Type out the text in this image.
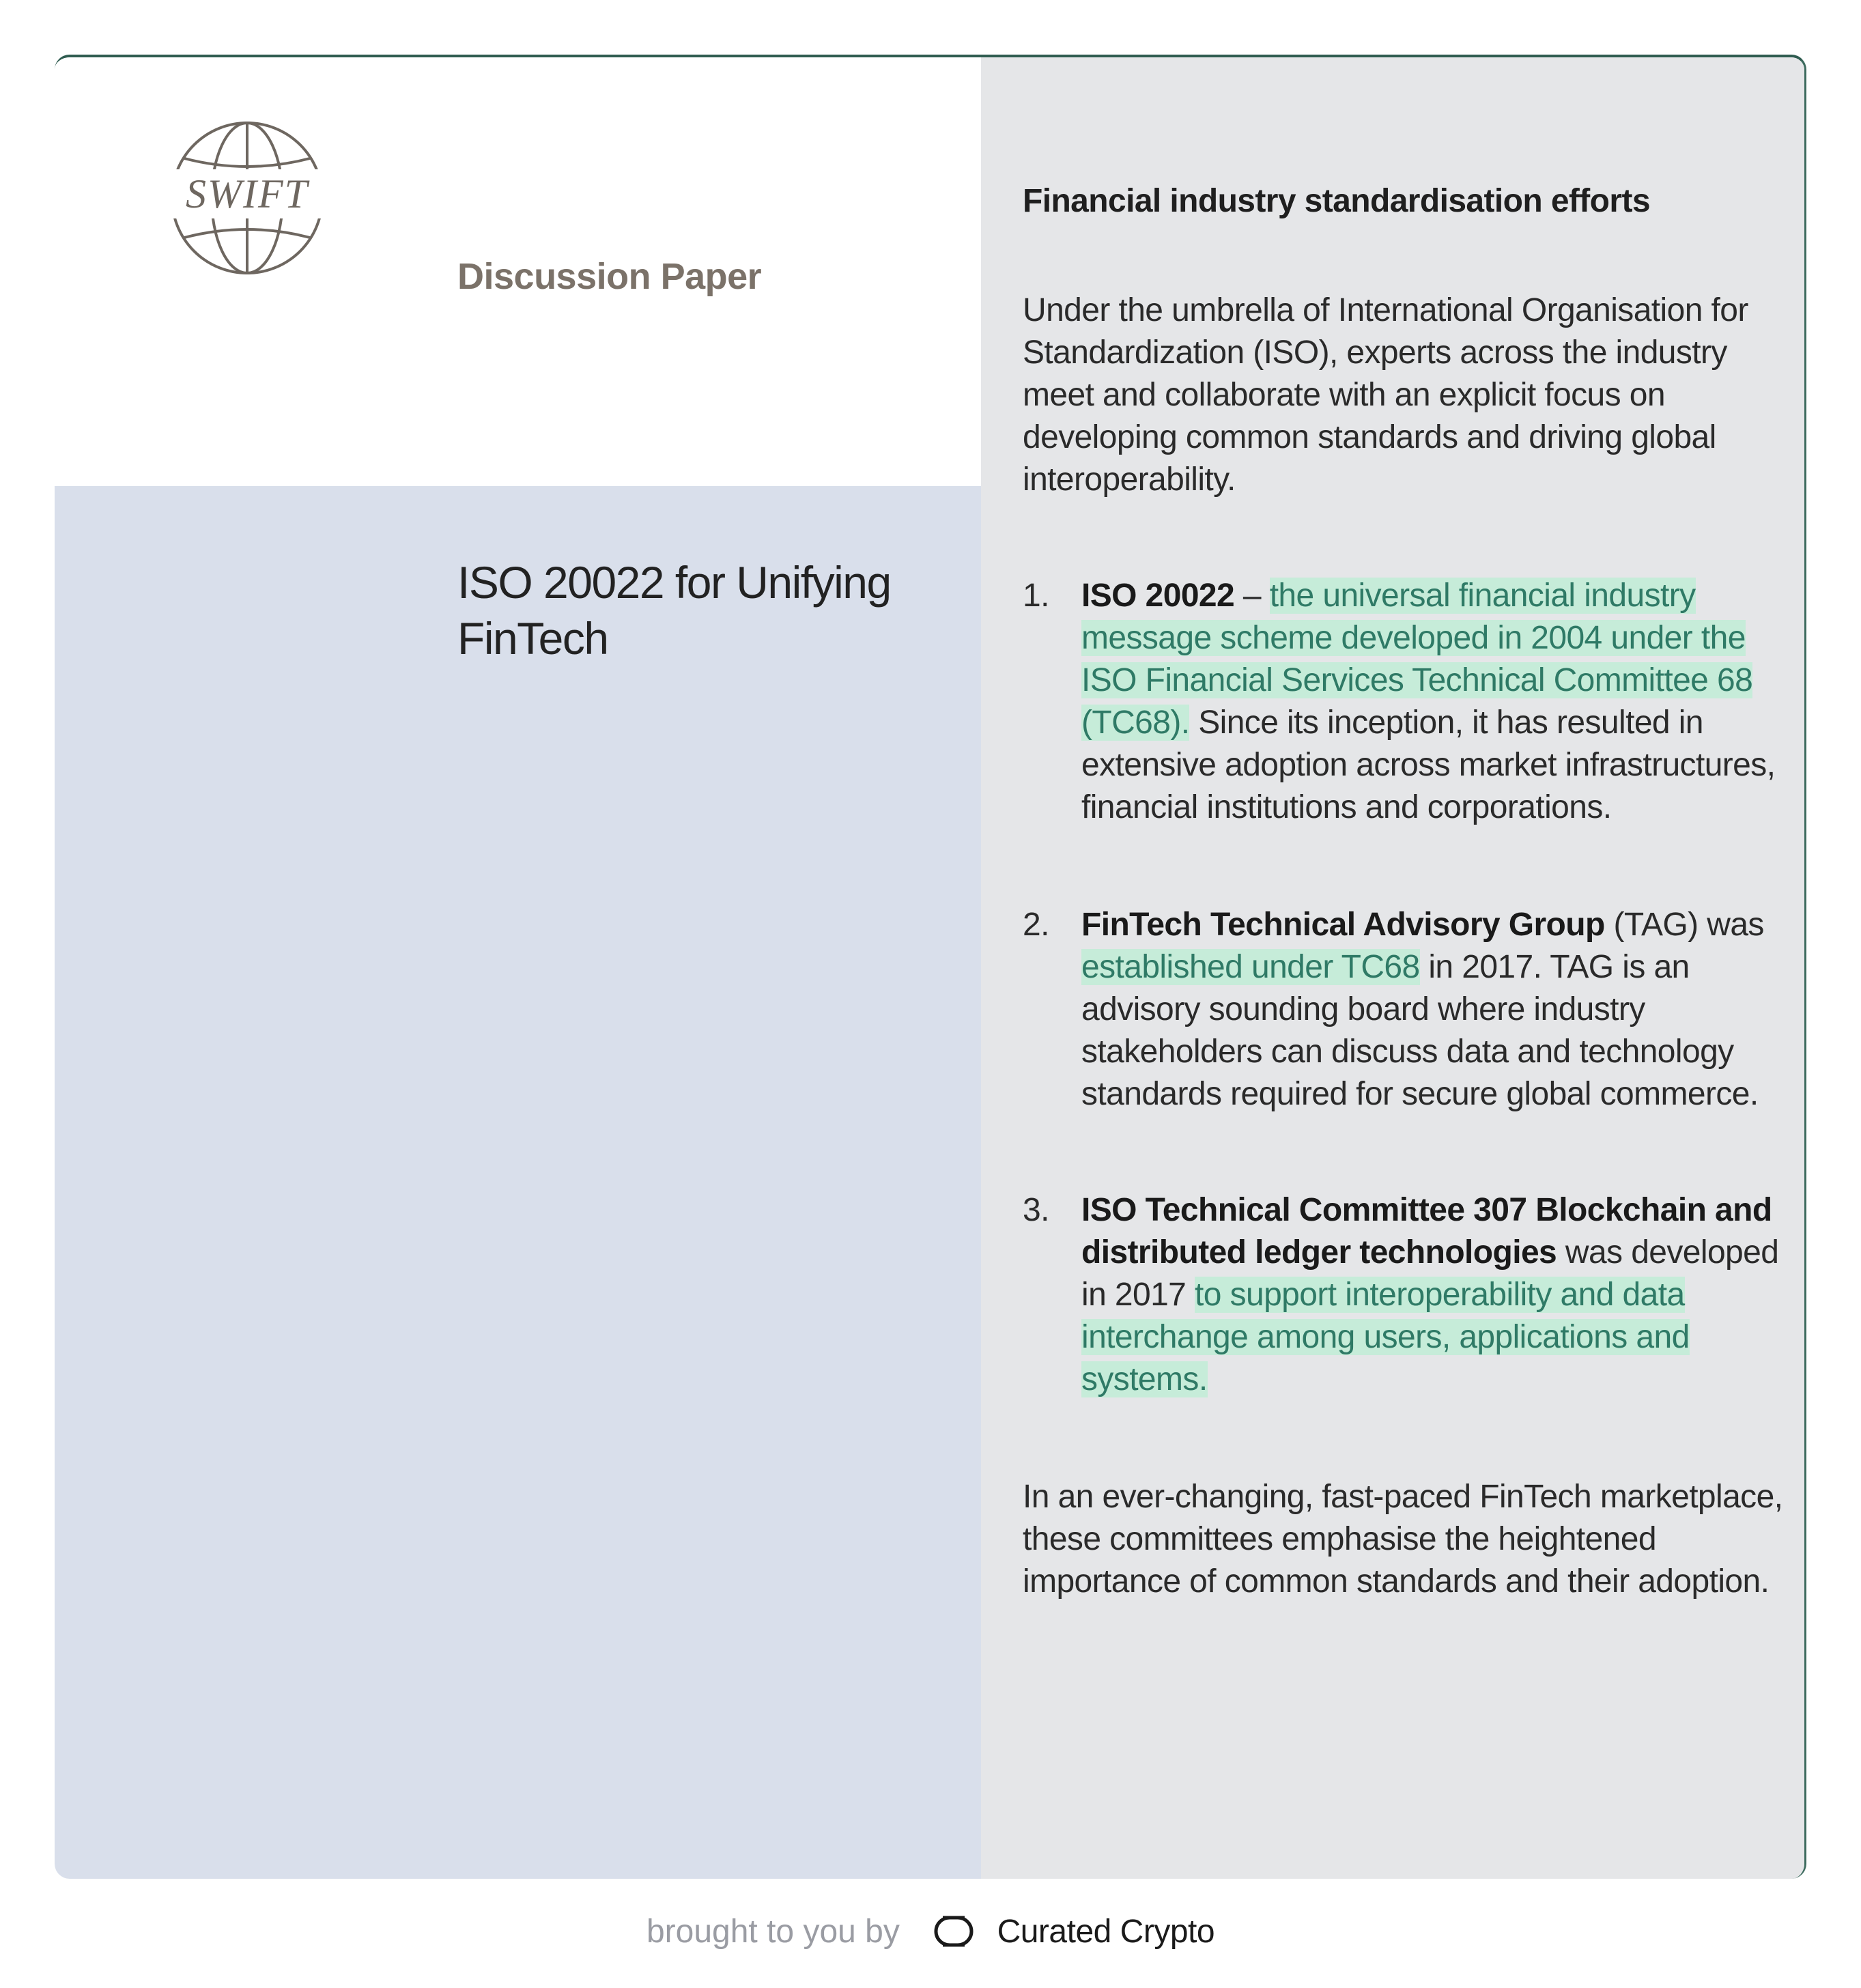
SWIFT
Discussion Paper
ISO 20022 for Unifying FinTech

Financial industry standardisation efforts

Under the umbrella of International Organisation for Standardization (ISO), experts across the industry meet and collaborate with an explicit focus on developing common standards and driving global interoperability.

1. ISO 20022 – the universal financial industry message scheme developed in 2004 under the ISO Financial Services Technical Committee 68 (TC68). Since its inception, it has resulted in extensive adoption across market infrastructures, financial institutions and corporations.
2. FinTech Technical Advisory Group (TAG) was established under TC68 in 2017. TAG is an advisory sounding board where industry stakeholders can discuss data and technology standards required for secure global commerce.
3. ISO Technical Committee 307 Blockchain and distributed ledger technologies was developed in 2017 to support interoperability and data interchange among users, applications and systems.

In an ever-changing, fast-paced FinTech marketplace, these committees emphasise the heightened importance of common standards and their adoption.

brought to you by	Curated Crypto
